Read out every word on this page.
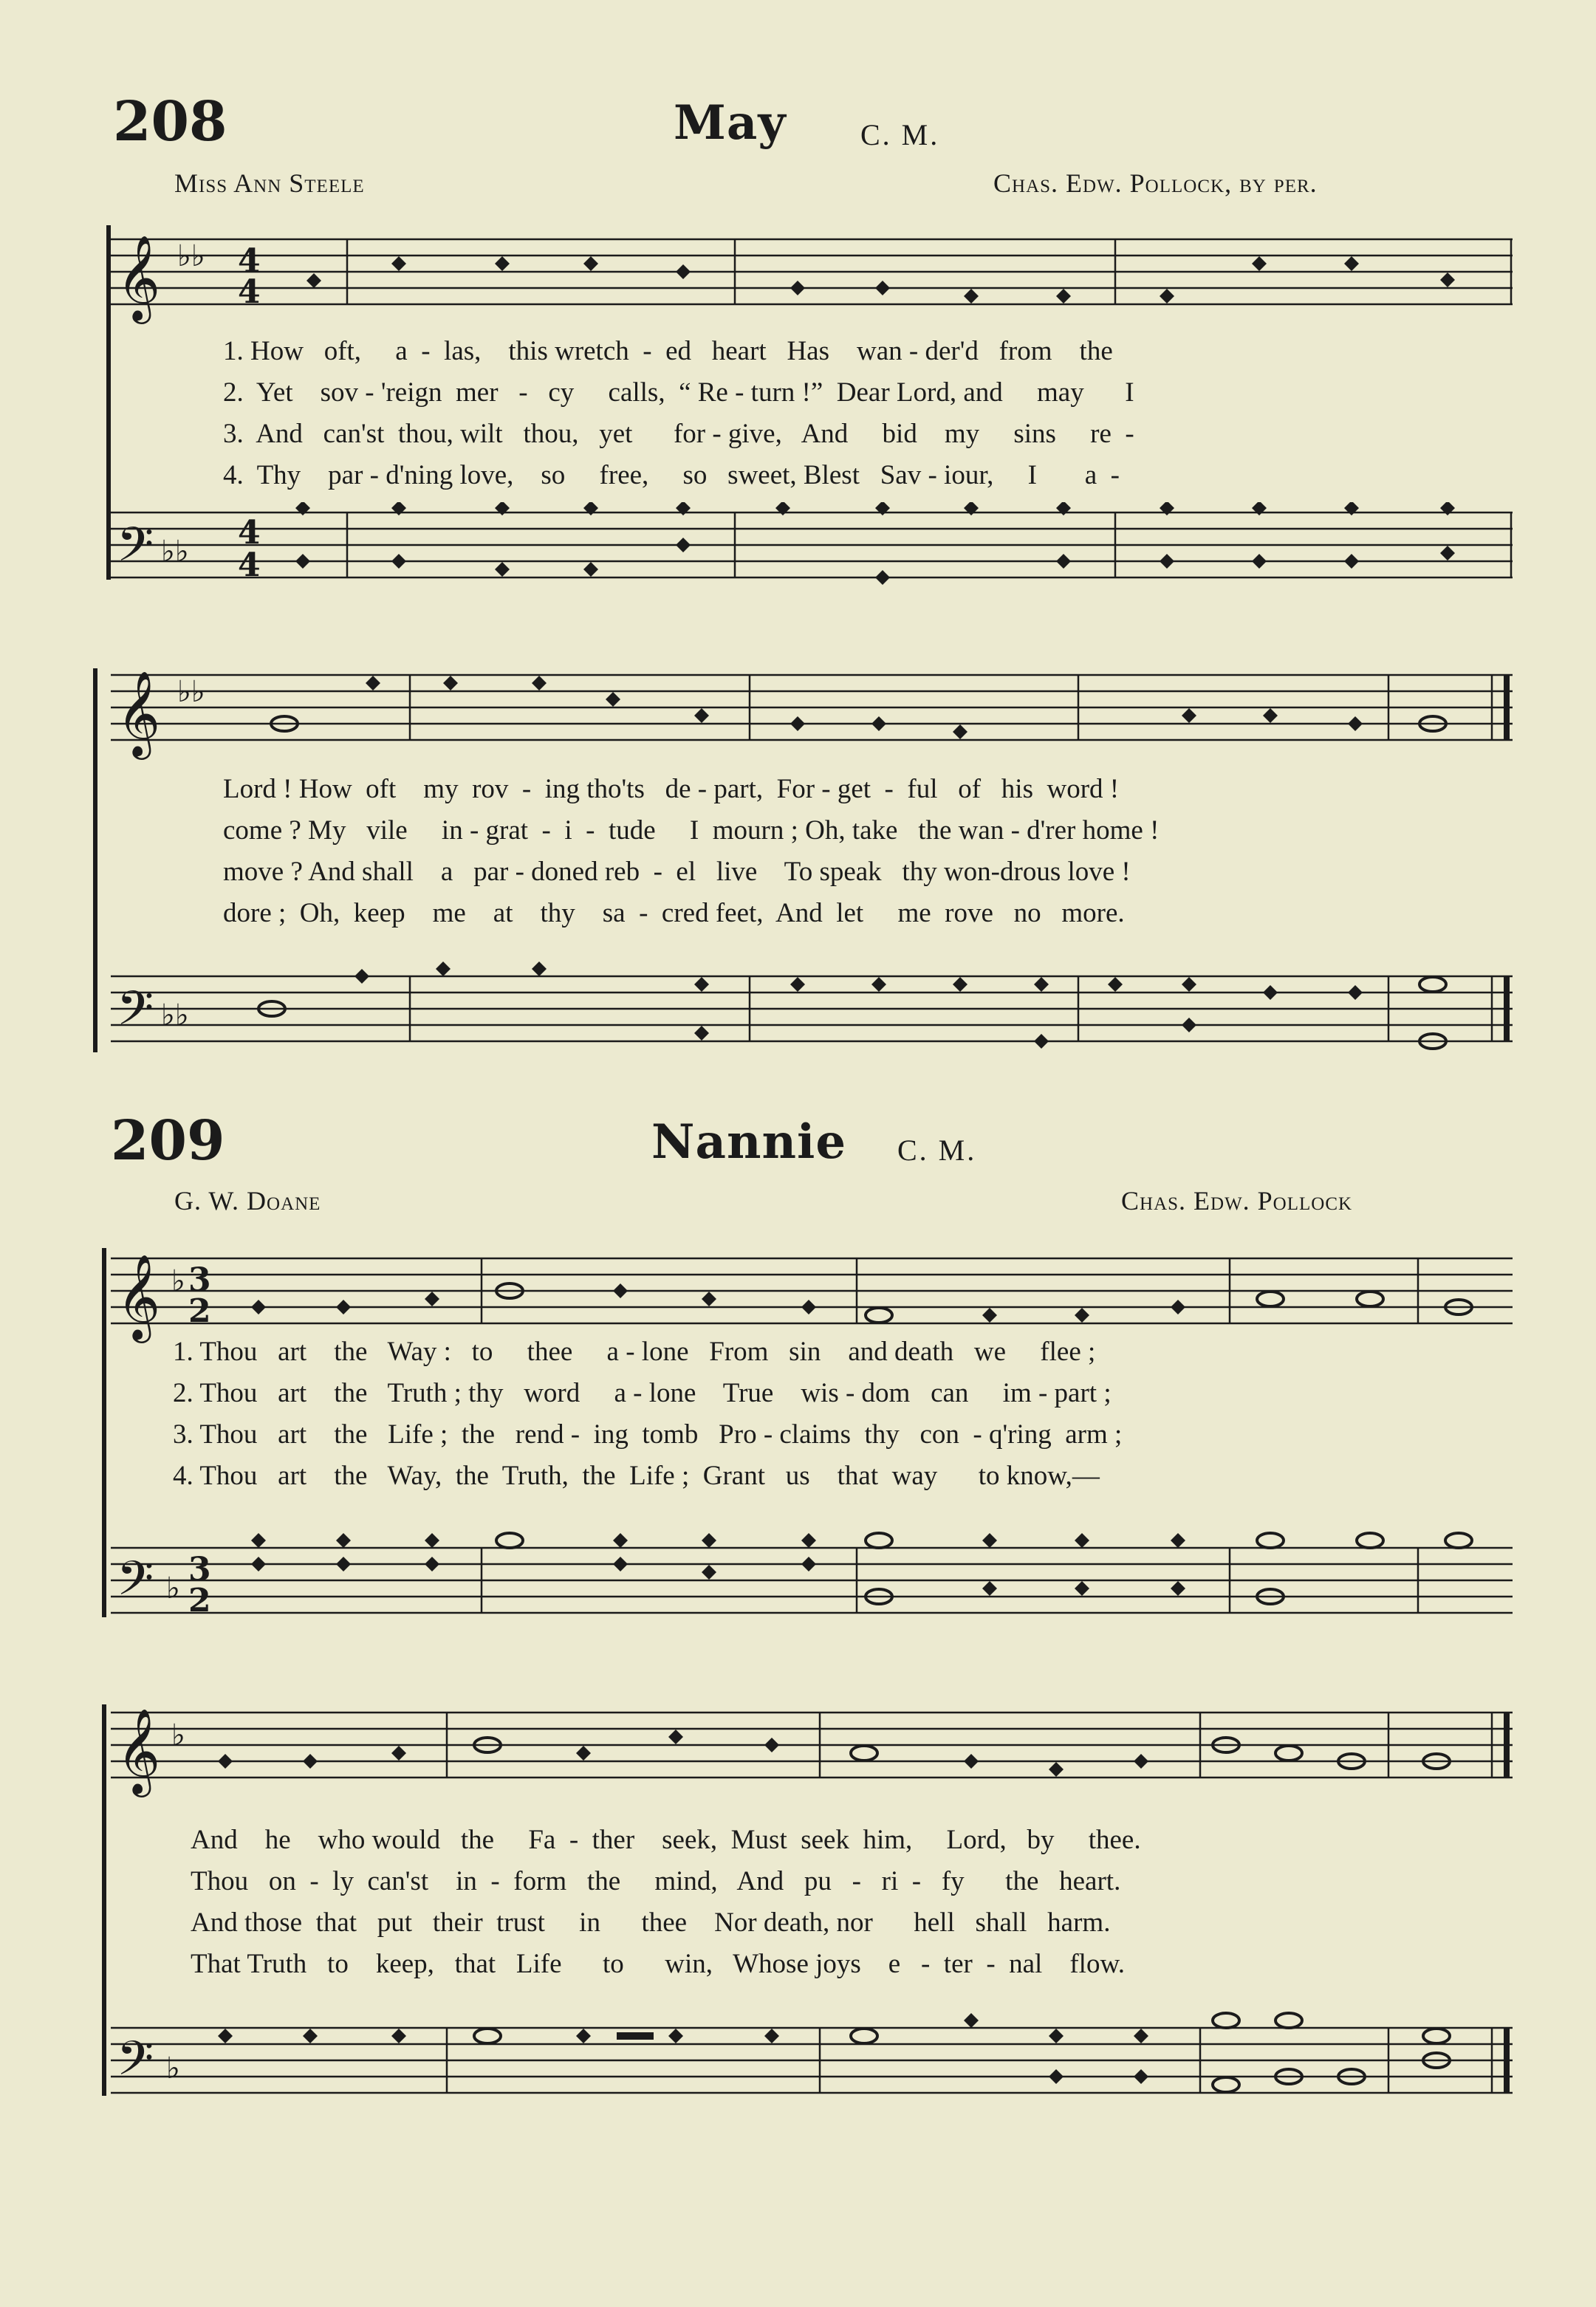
208	May	C. M.
Miss Ann Steele	Chas. Edw. Pollock, by per.
𝄞 ♭♭ 4
4
1. How   oft,     a  -  las,    this wretch  -  ed   heart   Has    wan - der'd   from    the
2.  Yet    sov - 'reign  mer   -   cy     calls,  “ Re - turn !”  Dear Lord, and     may      I
3.  And   can'st  thou, wilt   thou,   yet      for - give,   And     bid    my     sins     re  -
4.  Thy    par - d'ning love,    so     free,     so   sweet, Blest   Sav - iour,     I       a  -
𝄢 ♭♭ 4
4
𝄞 ♭♭
Lord ! How  oft    my  rov  -  ing tho'ts   de - part,  For - get  -  ful   of   his  word !
come ? My   vile     in - grat  -  i  -  tude     I  mourn ; Oh, take   the wan - d'rer home !
move ? And shall    a   par - doned reb  -  el   live    To speak   thy won-drous love !
dore ;  Oh,  keep    me    at    thy    sa  -  cred feet,  And  let     me  rove   no   more.
𝄢 ♭♭
209	Nannie C. M.
G. W. Doane	Chas. Edw. Pollock
𝄞 ♭ 3
2
1. Thou   art    the   Way :   to     thee     a - lone   From   sin    and death   we     flee ;
2. Thou   art    the   Truth ; thy   word     a - lone    True    wis - dom   can     im - part ;
3. Thou   art    the   Life ;  the   rend -  ing  tomb   Pro - claims  thy   con  - q'ring  arm ;
4. Thou   art    the   Way,  the  Truth,  the  Life ;  Grant   us    that  way      to know,—
𝄢 ♭ 3
2
𝄞 ♭
And    he    who would   the     Fa  -  ther    seek,  Must  seek  him,     Lord,   by     thee.
Thou   on  -  ly  can'st    in  -  form   the     mind,   And   pu   -   ri  -   fy      the   heart.
And those  that   put   their  trust     in      thee    Nor death, nor      hell   shall   harm.
That Truth   to    keep,   that   Life      to      win,   Whose joys    e   -  ter  -  nal    flow.
𝄢 ♭
